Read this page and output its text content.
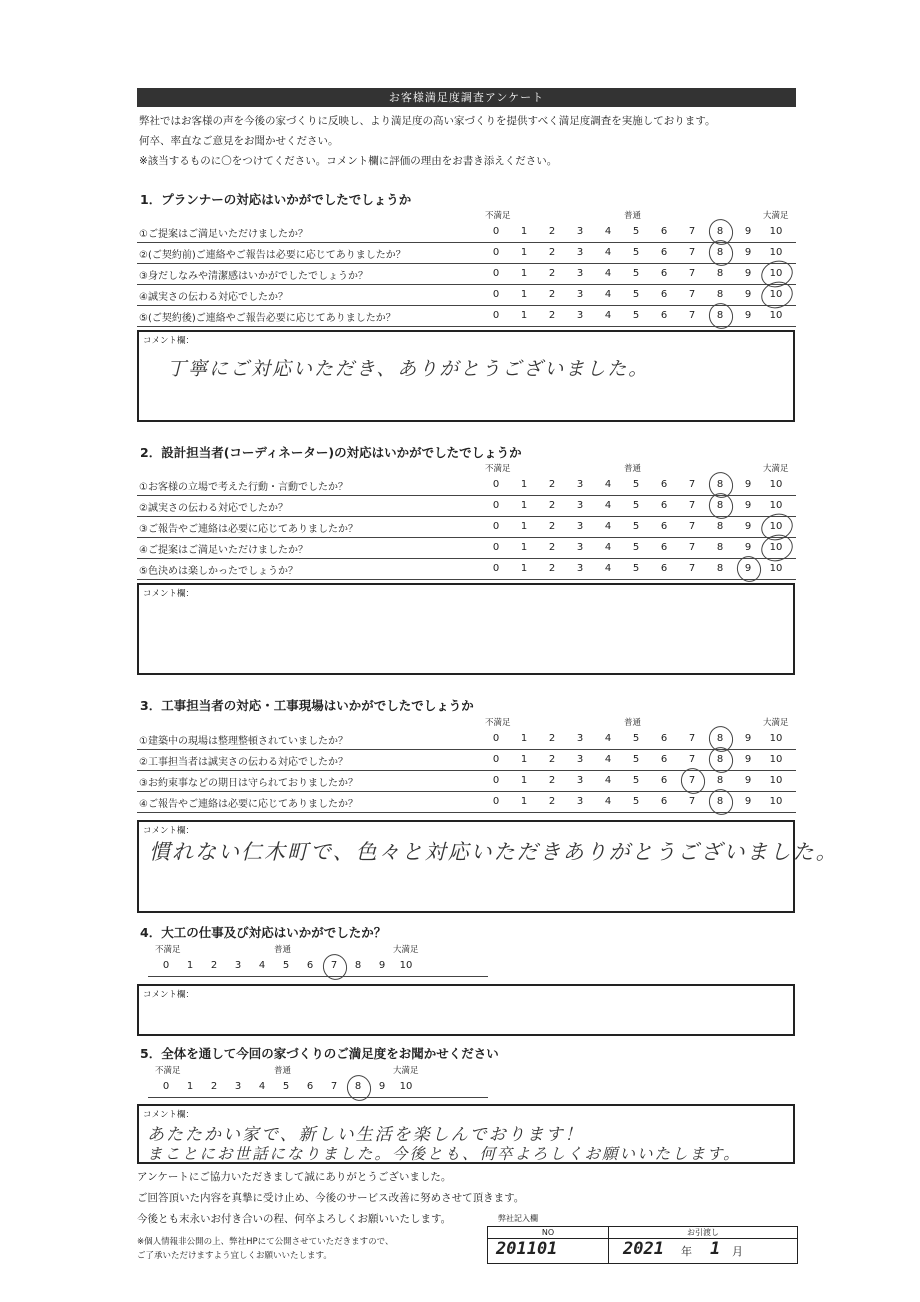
お客様満足度調査アンケート
弊社ではお客様の声を今後の家づくりに反映し、より満足度の高い家づくりを提供すべく満足度調査を実施しております。
何卒、率直なご意見をお聞かせください。
※該当するものに〇をつけてください。コメント欄に評価の理由をお書き添えください。
1．プランナーの対応はいかがでしたでしょうか
不満足	普通	大満足
①ご提案はご満足いただけましたか？	0	1	2	3	4	5	6	7	8	9	10
②(ご契約前)ご連絡やご報告は必要に応じてありましたか？	0	1	2	3	4	5	6	7	8	9	10
③身だしなみや清潔感はいかがでしたでしょうか？	0	1	2	3	4	5	6	7	8	9	10
④誠実さの伝わる対応でしたか？	0	1	2	3	4	5	6	7	8	9	10
⑤(ご契約後)ご連絡やご報告必要に応じてありましたか？	0	1	2	3	4	5	6	7	8	9	10
コメント欄：
丁寧にご対応いただき、ありがとうございました。
2．設計担当者(コーディネーター)の対応はいかがでしたでしょうか
不満足	普通	大満足
①お客様の立場で考えた行動・言動でしたか？	0	1	2	3	4	5	6	7	8	9	10
②誠実さの伝わる対応でしたか？	0	1	2	3	4	5	6	7	8	9	10
③ご報告やご連絡は必要に応じてありましたか？	0	1	2	3	4	5	6	7	8	9	10
④ご提案はご満足いただけましたか？	0	1	2	3	4	5	6	7	8	9	10
⑤色決めは楽しかったでしょうか？	0	1	2	3	4	5	6	7	8	9	10
コメント欄：
3．工事担当者の対応・工事現場はいかがでしたでしょうか
不満足	普通	大満足
①建築中の現場は整理整頓されていましたか？	0	1	2	3	4	5	6	7	8	9	10
②工事担当者は誠実さの伝わる対応でしたか？	0	1	2	3	4	5	6	7	8	9	10
③お約束事などの期日は守られておりましたか？	0	1	2	3	4	5	6	7	8	9	10
④ご報告やご連絡は必要に応じてありましたか？	0	1	2	3	4	5	6	7	8	9	10
コメント欄：
慣れない仁木町で、色々と対応いただきありがとうございました。
4．大工の仕事及び対応はいかがでしたか？
不満足	普通	大満足
0	1	2	3	4	5	6	7	8	9	10
コメント欄：
5．全体を通して今回の家づくりのご満足度をお聞かせください
不満足	普通	大満足
0	1	2	3	4	5	6	7	8	9	10
コメント欄：
あたたかい家で、新しい生活を楽しんでおります！
まことにお世話になりました。今後とも、何卒よろしくお願いいたします。
アンケートにご協力いただきまして誠にありがとうございました。
ご回答頂いた内容を真摯に受け止め、今後のサービス改善に努めさせて頂きます。
今後とも末永いお付き合いの程、何卒よろしくお願いいたします。
※個人情報非公開の上、弊社HPにて公開させていただきますので、
ご了承いただけますよう宜しくお願いいたします。
弊社記入欄
NO	お引渡し
201101	2021 年 1 月
